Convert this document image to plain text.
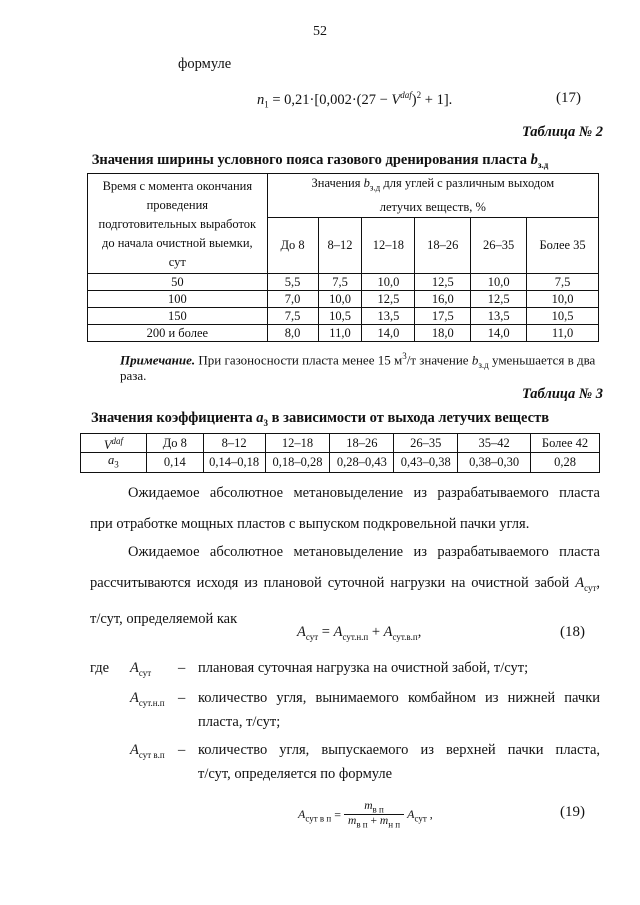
52
формуле
$n_1 = 0,21\cdot[0,002\cdot(27 - V^{daf})^2 + 1]$.	(17)
Таблица № 2
Значения ширины условного пояса газового дренирования пласта $b_{з.д}$
Время с момента окончания
проведения
подготовительных выработок
до начала очистной выемки,
сут	Значения $b_{з.д}$ для углей с различным выходом
летучих веществ, %					
	До 8	8–12	12–18	18–26	26–35	Более 35
50	5,5	7,5	10,0	12,5	10,0	7,5
100	7,0	10,0	12,5	16,0	12,5	10,0
150	7,5	10,5	13,5	17,5	13,5	10,5
200 и более	8,0	11,0	14,0	18,0	14,0	11,0
Примечание. При газоносности пласта менее 15 $м^3/т$ значение $b_{з.д}$ уменьшается в два
раза.
Таблица № 3
Значения коэффициента $a_3$ в зависимости от выхода летучих веществ
$V^{daf}$	До 8	8–12	12–18	18–26	26–35	35–42	Более 42
$a_3$	0,14	0,14–0,18	0,18–0,28	0,28–0,43	0,43–0,38	0,38–0,30	0,28
Ожидаемое абсолютное метановыделение из разрабатываемого пласта
при отработке мощных пластов с выпуском подкровельной пачки угля.
Ожидаемое абсолютное метановыделение из разрабатываемого пласта
рассчитываются исходя из плановой суточной нагрузки на очистной забой $A_{сут}$,
т/сут, определяемой как
$A_{сут} = A_{сут.н.п} + A_{сут.в.п}$,	(18)
где $A_{сут}$ – плановая суточная нагрузка на очистной забой, т/сут;
$A_{сут.н.п}$ – количество угля, вынимаемого комбайном из нижней пачки
пласта, т/сут;
$A_{сут в.п}$ – количество угля, выпускаемого из верхней пачки пласта,
т/сут, определяется по формуле
$A_{сут в п} = \frac{m_{в п}}{m_{в п} + m_{н п}} A_{сут}$ ,	(19)
